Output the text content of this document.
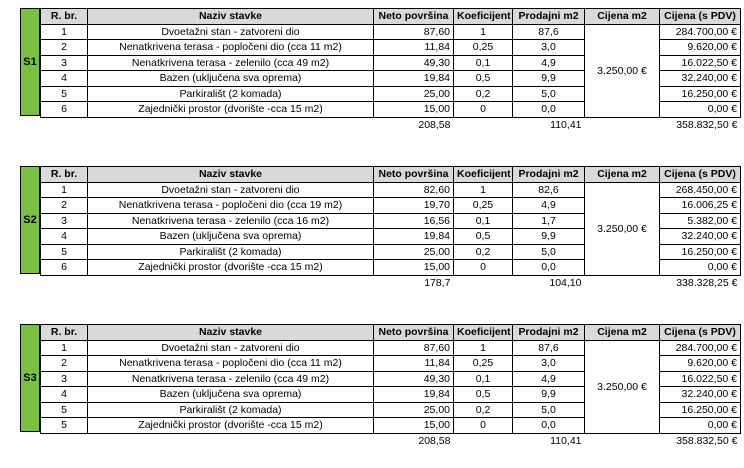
S1
R. br.	Naziv stavke	Neto površina	Koeficijent	Prodajni m2	Cijena m2	Cijena (s PDV)
1	Dvoetažni stan - zatvoreni dio	87,60	1	87,6	3.250,00 €	284.700,00 €
2	Nenatkrivena terasa - popločeni dio (cca 11 m2)	11,84	0,25	3,0		9.620,00 €
3	Nenatkrivena terasa - zelenilo (cca 49 m2)	49,30	0,1	4,9		16.022,50 €
4	Bazen (uključena sva oprema)	19,84	0,5	9,9		32.240,00 €
5	Parkirališt (2 komada)	25,00	0,2	5,0		16.250,00 €
6	Zajednički prostor (dvorište -cca 15 m2)	15,00	0	0,0		0,00 €
		208,58		110,41		358.832,50 €
S2
R. br.	Naziv stavke	Neto površina	Koeficijent	Prodajni m2	Cijena m2	Cijena (s PDV)
1	Dvoetažni stan - zatvoreni dio	82,60	1	82,6	3.250,00 €	268.450,00 €
2	Nenatkrivena terasa - popločeni dio (cca 19 m2)	19,70	0,25	4,9		16.006,25 €
3	Nenatkrivena terasa - zelenilo (cca 16 m2)	16,56	0,1	1,7		5.382,00 €
4	Bazen (uključena sva oprema)	19,84	0,5	9,9		32.240,00 €
5	Parkirališt (2 komada)	25,00	0,2	5,0		16.250,00 €
6	Zajednički prostor (dvorište -cca 15 m2)	15,00	0	0,0		0,00 €
		178,7		104,10		338.328,25 €
S3
R. br.	Naziv stavke	Neto površina	Koeficijent	Prodajni m2	Cijena m2	Cijena (s PDV)
1	Dvoetažni stan - zatvoreni dio	87,60	1	87,6	3.250,00 €	284.700,00 €
2	Nenatkrivena terasa - popločeni dio (cca 11 m2)	11,84	0,25	3,0		9.620,00 €
3	Nenatkrivena terasa - zelenilo (cca 49 m2)	49,30	0,1	4,9		16.022,50 €
4	Bazen (uključena sva oprema)	19,84	0,5	9,9		32.240,00 €
5	Parkirališt (2 komada)	25,00	0,2	5,0		16.250,00 €
5	Zajednički prostor (dvorište -cca 15 m2)	15,00	0	0,0		0,00 €
		208,58		110,41		358.832,50 €
